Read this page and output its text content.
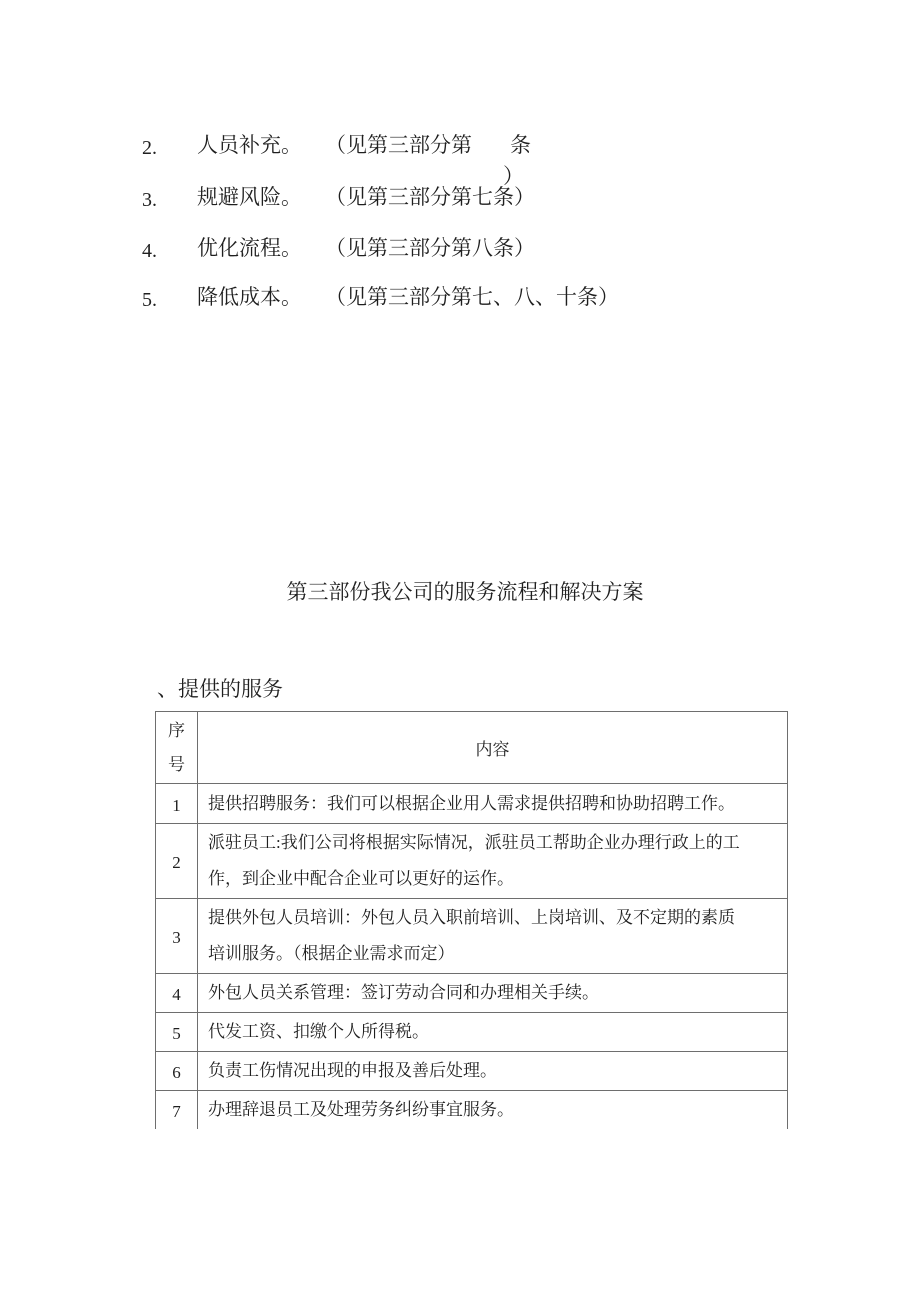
2. 人员补充。 （见第三部分第 条
）
3. 规避风险。 （见第三部分第七条）
4. 优化流程。 （见第三部分第八条）
5. 降低成本。 （见第三部分第七、八、十条）
第三部份我公司的服务流程和解决方案
、提供的服务
序
号	内容
1	提供招聘服务：我们可以根据企业用人需求提供招聘和协助招聘工作。

2	派驻员工:我们公司将根据实际情况，派驻员工帮助企业办理行政上的工
作，到企业中配合企业可以更好的运作。

3	提供外包人员培训：外包人员入职前培训、上岗培训、及不定期的素质
培训服务。（根据企业需求而定）

4	外包人员关系管理：签订劳动合同和办理相关手续。

5	代发工资、扣缴个人所得税。

6	负责工伤情况出现的申报及善后处理。

7	办理辞退员工及处理劳务纠纷事宜服务。
